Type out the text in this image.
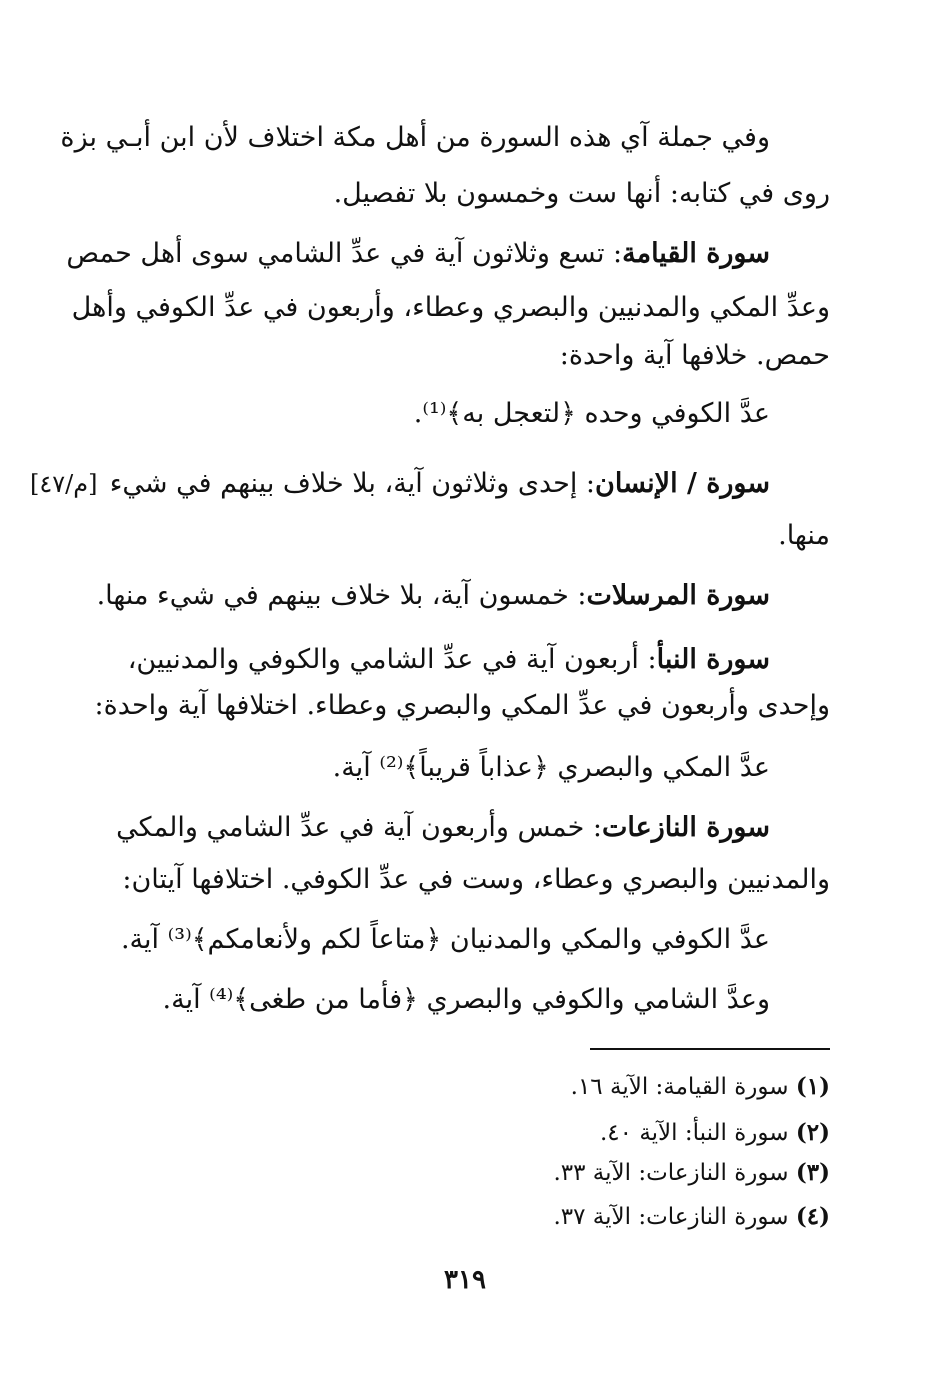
وفي جملة آي هذه السورة من أهل مكة اختلاف لأن ابن أبـي بزة
روى في كتابه: أنها ست وخمسون بلا تفصيل.
سورة القيامة: تسع وثلاثون آية في عدِّ الشامي سوى أهل حمص
وعدِّ المكي والمدنيين والبصري وعطاء، وأربعون في عدِّ الكوفي وأهل
حمص. خلافها آية واحدة:
عدَّ الكوفي وحده ﴿لتعجل به﴾⁽¹⁾.
سورة / الإنسان: إحدى وثلاثون آية، بلا خلاف بينهم في شيء
[م/٤٧]
منها.
سورة المرسلات: خمسون آية، بلا خلاف بينهم في شيء منها.
سورة النبأ: أربعون آية في عدِّ الشامي والكوفي والمدنيين،
وإحدى وأربعون في عدِّ المكي والبصري وعطاء. اختلافها آية واحدة:
عدَّ المكي والبصري ﴿عذاباً قريباً﴾⁽²⁾ آية.
سورة النازعات: خمس وأربعون آية في عدِّ الشامي والمكي
والمدنيين والبصري وعطاء، وست في عدِّ الكوفي. اختلافها آيتان:
عدَّ الكوفي والمكي والمدنيان ﴿متاعاً لكم ولأنعامكم﴾⁽³⁾ آية.
وعدَّ الشامي والكوفي والبصري ﴿فأما من طغى﴾⁽⁴⁾ آية.
(١) سورة القيامة: الآية ١٦.
(٢) سورة النبأ: الآية ٤٠.
(٣) سورة النازعات: الآية ٣٣.
(٤) سورة النازعات: الآية ٣٧.
٣١٩
